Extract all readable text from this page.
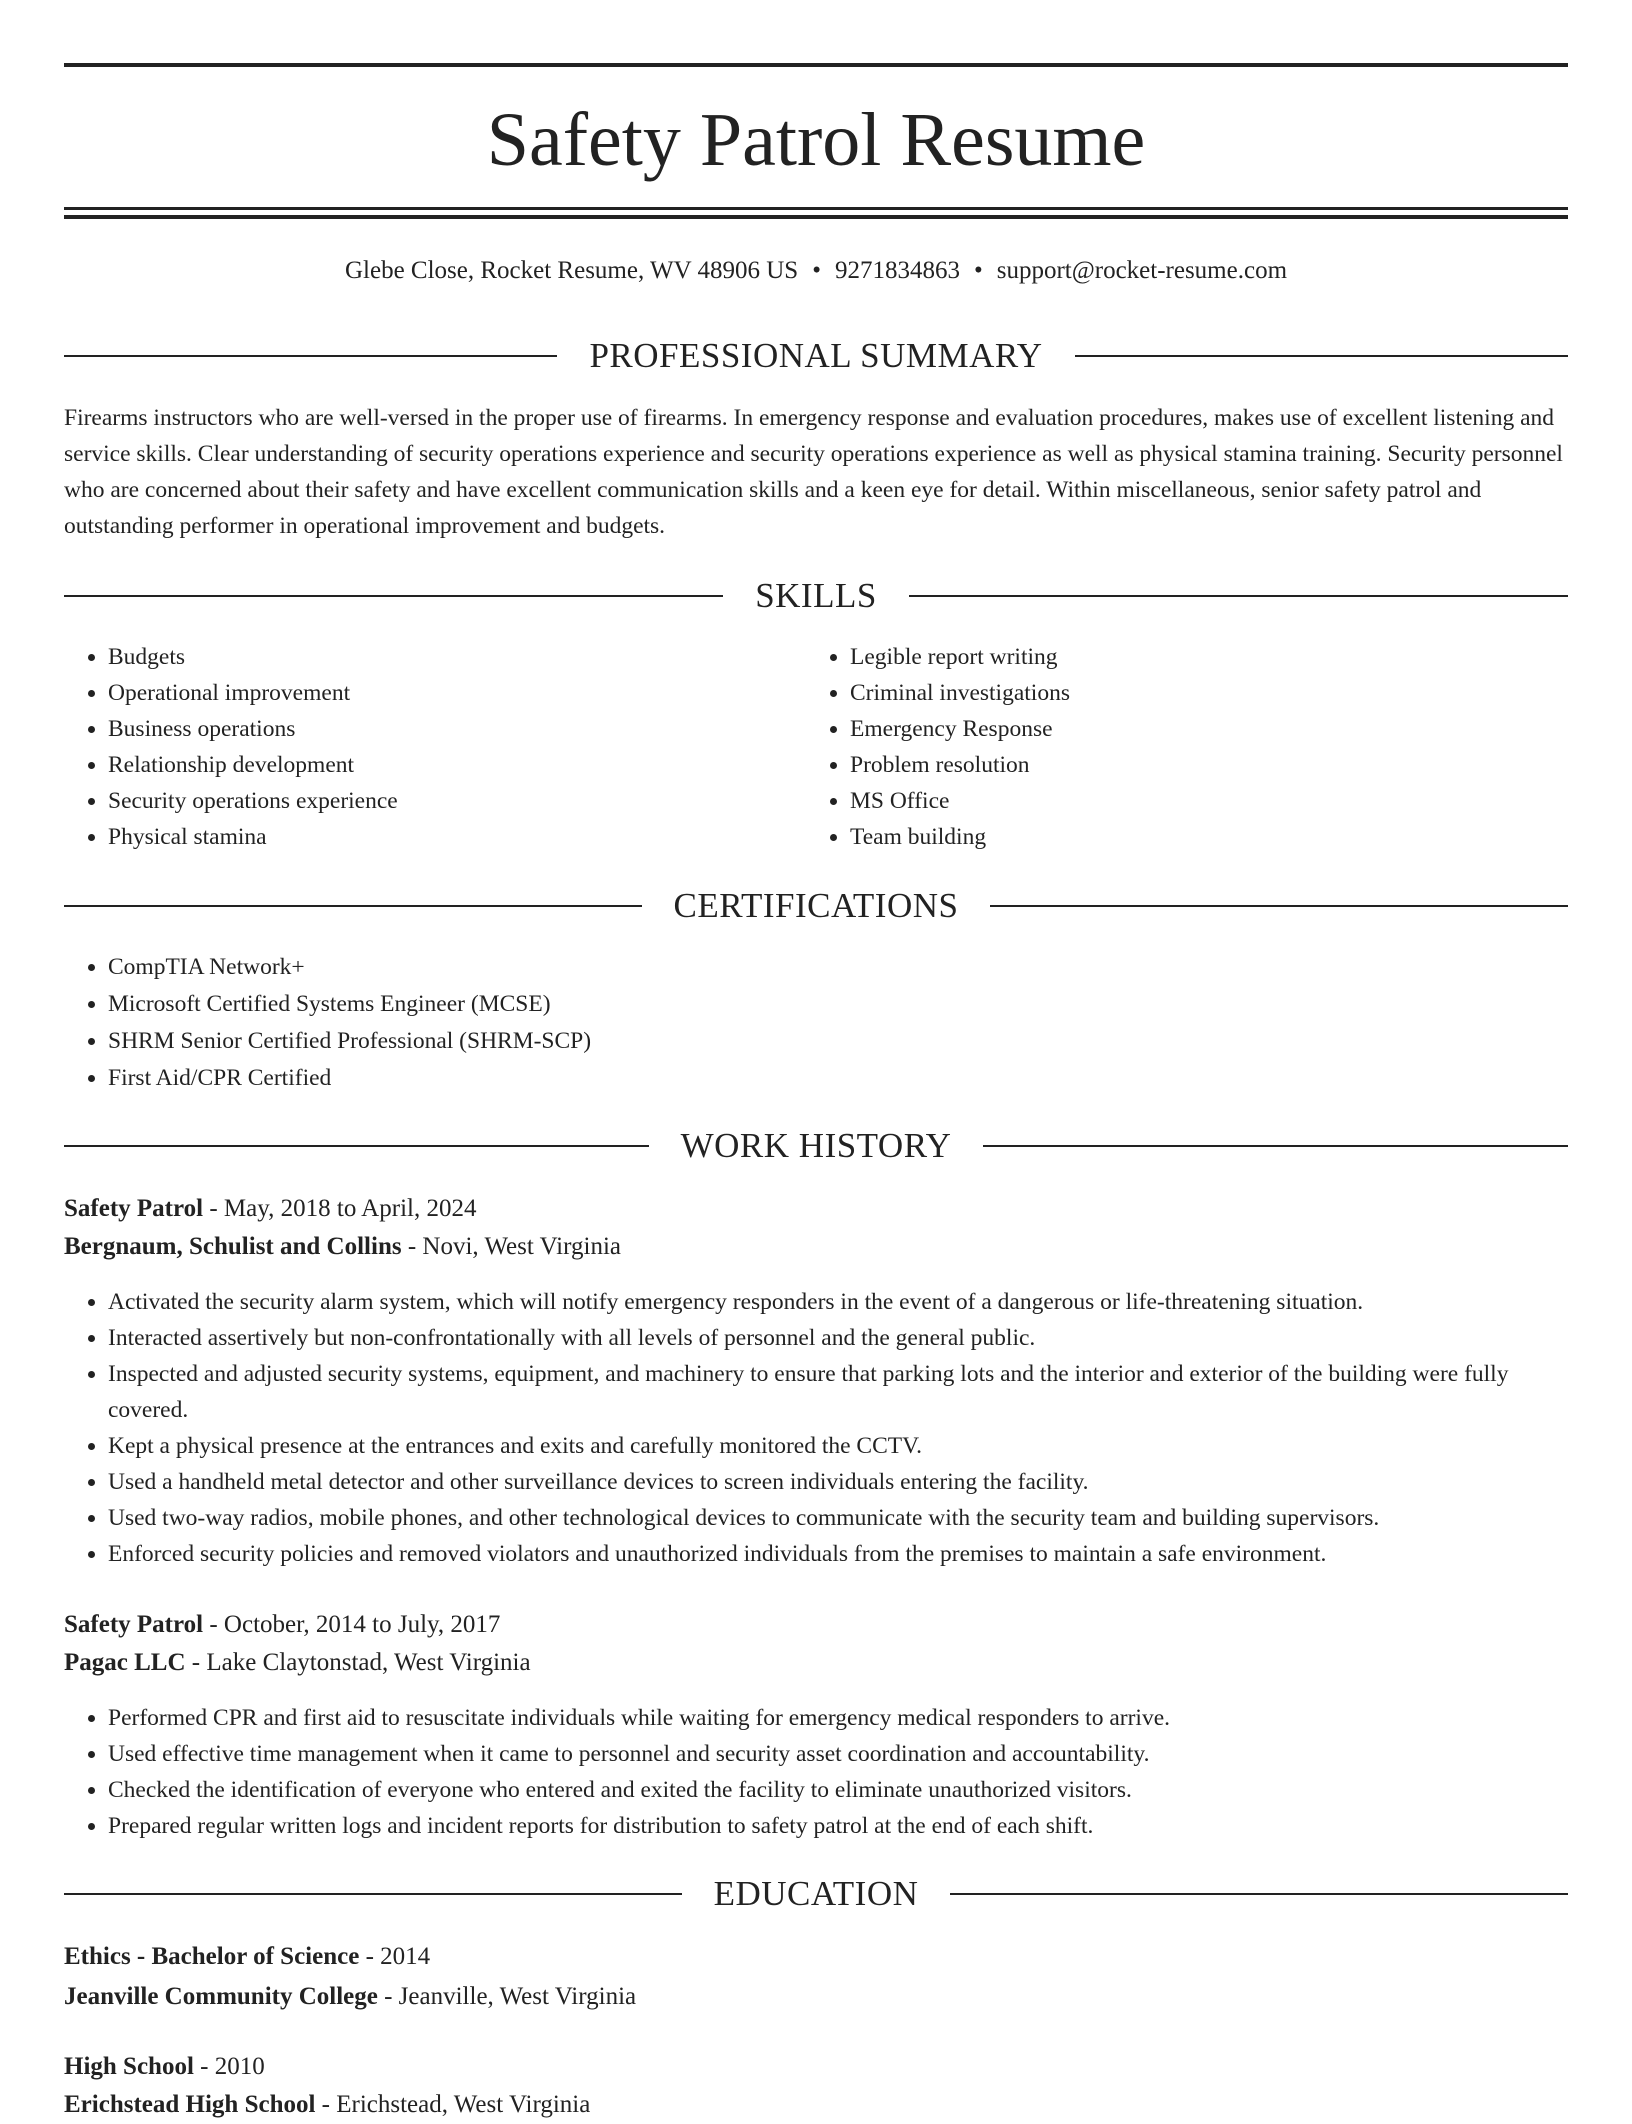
Safety Patrol Resume
Glebe Close, Rocket Resume, WV 48906 US • 9271834863 • support@rocket-resume.com
PROFESSIONAL SUMMARY

Firearms instructors who are well-versed in the proper use of firearms. In emergency response and evaluation procedures, makes use of excellent listening and service skills. Clear understanding of security operations experience and security operations experience as well as physical stamina training. Security personnel who are concerned about their safety and have excellent communication skills and a keen eye for detail. Within miscellaneous, senior safety patrol and outstanding performer in operational improvement and budgets.

SKILLS
• Budgets
• Operational improvement
• Business operations
• Relationship development
• Security operations experience
• Physical stamina
• Legible report writing
• Criminal investigations
• Emergency Response
• Problem resolution
• MS Office
• Team building
CERTIFICATIONS
• CompTIA Network+
• Microsoft Certified Systems Engineer (MCSE)
• SHRM Senior Certified Professional (SHRM-SCP)
• First Aid/CPR Certified
WORK HISTORY
Safety Patrol - May, 2018 to April, 2024
Bergnaum, Schulist and Collins - Novi, West Virginia
• Activated the security alarm system, which will notify emergency responders in the event of a dangerous or life-threatening situation.
• Interacted assertively but non-confrontationally with all levels of personnel and the general public.
• Inspected and adjusted security systems, equipment, and machinery to ensure that parking lots and the interior and exterior of the building were fully covered.
• Kept a physical presence at the entrances and exits and carefully monitored the CCTV.
• Used a handheld metal detector and other surveillance devices to screen individuals entering the facility.
• Used two-way radios, mobile phones, and other technological devices to communicate with the security team and building supervisors.
• Enforced security policies and removed violators and unauthorized individuals from the premises to maintain a safe environment.
Safety Patrol - October, 2014 to July, 2017
Pagac LLC - Lake Claytonstad, West Virginia
• Performed CPR and first aid to resuscitate individuals while waiting for emergency medical responders to arrive.
• Used effective time management when it came to personnel and security asset coordination and accountability.
• Checked the identification of everyone who entered and exited the facility to eliminate unauthorized visitors.
• Prepared regular written logs and incident reports for distribution to safety patrol at the end of each shift.
EDUCATION
Ethics - Bachelor of Science - 2014
Jeanville Community College - Jeanville, West Virginia
High School - 2010
Erichstead High School - Erichstead, West Virginia
